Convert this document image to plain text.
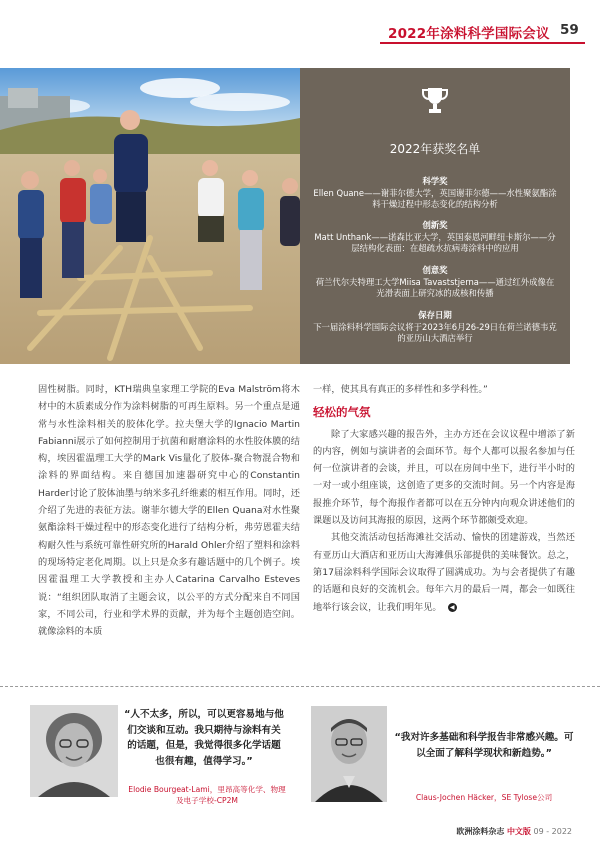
2022年涂料科学国际会议 59
2022年获奖名单
科学奖
Ellen Quane——谢菲尔德大学，英国谢菲尔德——水性聚氨酯涂料干燥过程中形态变化的结构分析
创新奖
Matt Unthank——诺森比亚大学，英国泰恩河畔纽卡斯尔——分层结构化表面：在超疏水抗病毒涂料中的应用
创意奖
荷兰代尔夫特理工大学Miisa Tavaststjerna——通过红外成像在光滑表面上研究冰的成核和传播
保存日期
下一届涂料科学国际会议将于2023年6月26-29日在荷兰诺德韦克的亚历山大酒店举行

固性树脂。同时，KTH瑞典皇家理工学院的Eva Malström将木材中的木质素成分作为涂料树脂的可再生原料。另一个重点是通常与水性涂料相关的胶体化学。拉夫堡大学的Ignacio Martin Fabianni展示了如何控制用于抗菌和耐磨涂料的水性胶体膜的结构，埃因霍温理工大学的Mark Vis量化了胶体-聚合物混合物和涂料的界面结构。来自德国加速器研究中心的Constantin Harder讨论了胶体油墨与纳米多孔纤维素的相互作用。同时，还介绍了先进的表征方法。谢菲尔德大学的Ellen Quana对水性聚氨酯涂料干燥过程中的形态变化进行了结构分析，弗劳恩霍夫结构耐久性与系统可靠性研究所的Harald Ohler介绍了塑料和涂料的现场特定老化周期。以上只是众多有趣话题中的几个例子。埃因霍温理工大学教授和主办人Catarina Carvalho Esteves说：“组织团队取消了主题会议，以公平的方式分配来自不同国家，不同公司，行业和学术界的贡献，并为每个主题创造空间。就像涂料的本质

一样，使其具有真正的多样性和多学科性。”

轻松的气氛

除了大家感兴趣的报告外，主办方还在会议议程中增添了新的内容，例如与演讲者的会面环节。每个人都可以报名参加与任何一位演讲者的会谈，并且，可以在房间中坐下，进行半小时的一对一或小组座谈，这创造了更多的交流时间。另一个内容是海报推介环节，每个海报作者都可以在五分钟内向观众讲述他们的课题以及访问其海报的原因，这两个环节都颇受欢迎。

其他交流活动包括海滩社交活动、愉快的团建游戏，当然还有亚历山大酒店和亚历山大海滩俱乐部提供的美味餐饮。总之，第17届涂料科学国际会议取得了圆满成功。为与会者提供了有趣的话题和良好的交流机会。每年六月的最后一周，都会一如既往地举行该会议，让我们明年见。 ◀

“人不太多，所以，可以更容易地与他们交谈和互动。我只期待与涂料有关的话题，但是，我觉得很多化学话题也很有趣，值得学习。”
Elodie Bourgeat-Lami，里昂高等化学、物理及电子学校-CP2M
“我对许多基础和科学报告非常感兴趣。可以全面了解科学现状和新趋势。”
Claus-Jochen Häcker，SE Tylose公司
欧洲涂料杂志 中文版 09 - 2022
